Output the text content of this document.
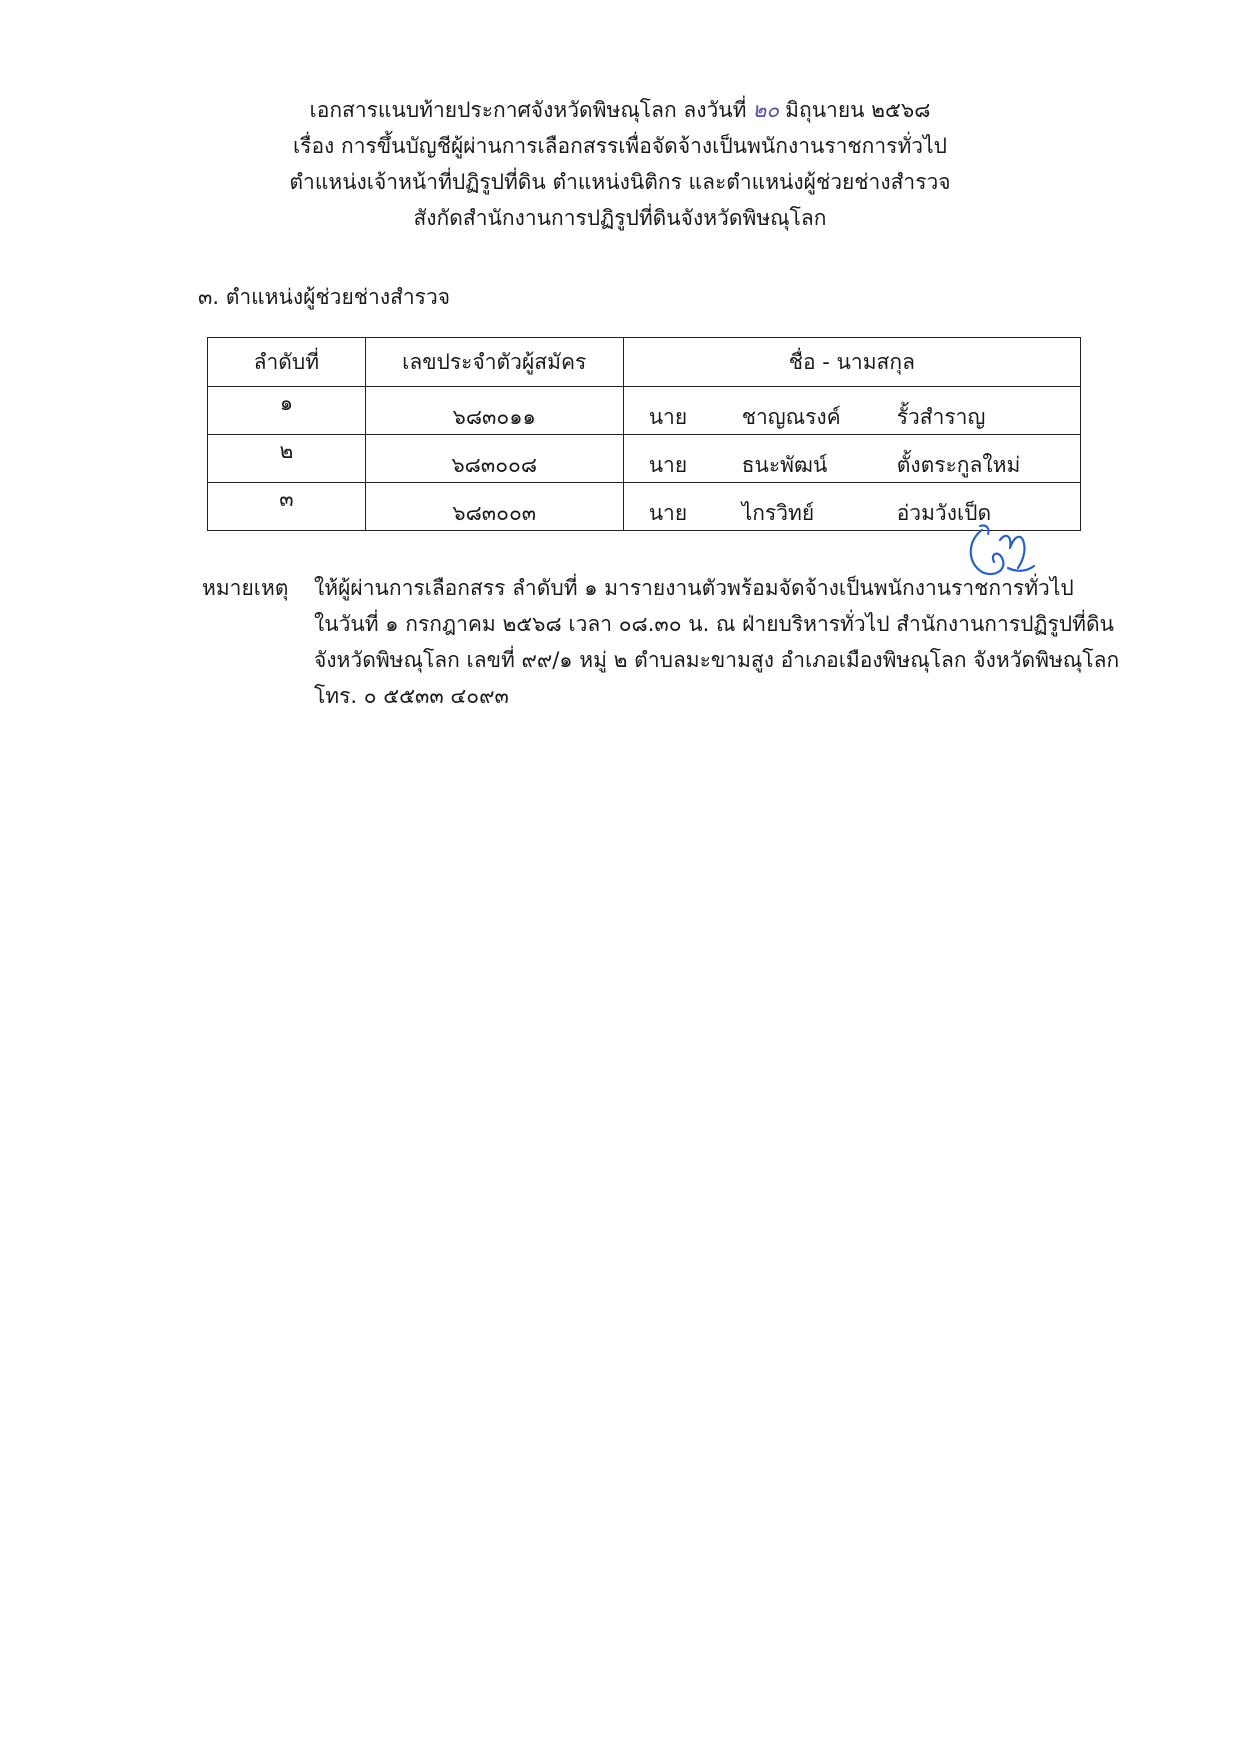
เอกสารแนบท้ายประกาศจังหวัดพิษณุโลก ลงวันที่ ๒๐ มิถุนายน ๒๕๖๘
เรื่อง การขึ้นบัญชีผู้ผ่านการเลือกสรรเพื่อจัดจ้างเป็นพนักงานราชการทั่วไป
ตำแหน่งเจ้าหน้าที่ปฏิรูปที่ดิน ตำแหน่งนิติกร และตำแหน่งผู้ช่วยช่างสำรวจ
สังกัดสำนักงานการปฏิรูปที่ดินจังหวัดพิษณุโลก
๓. ตำแหน่งผู้ช่วยช่างสำรวจ
ลำดับที่	เลขประจำตัวผู้สมัคร	ชื่อ - นามสกุล
๑	๖๘๓๐๑๑	นาย ชาญณรงค์ รั้วสำราญ

๒	๖๘๓๐๐๘	นาย ธนะพัฒน์ ตั้งตระกูลใหม่

๓	๖๘๓๐๐๓	นาย ไกรวิทย์ อ่วมวังเป็ด
หมายเหตุ	ให้ผู้ผ่านการเลือกสรร ลำดับที่ ๑ มารายงานตัวพร้อมจัดจ้างเป็นพนักงานราชการทั่วไป
ในวันที่ ๑ กรกฎาคม ๒๕๖๘ เวลา ๐๘.๓๐ น. ณ ฝ่ายบริหารทั่วไป สำนักงานการปฏิรูปที่ดิน
จังหวัดพิษณุโลก เลขที่ ๙๙/๑ หมู่ ๒ ตำบลมะขามสูง อำเภอเมืองพิษณุโลก จังหวัดพิษณุโลก
โทร. ๐ ๕๕๓๓ ๔๐๙๓
